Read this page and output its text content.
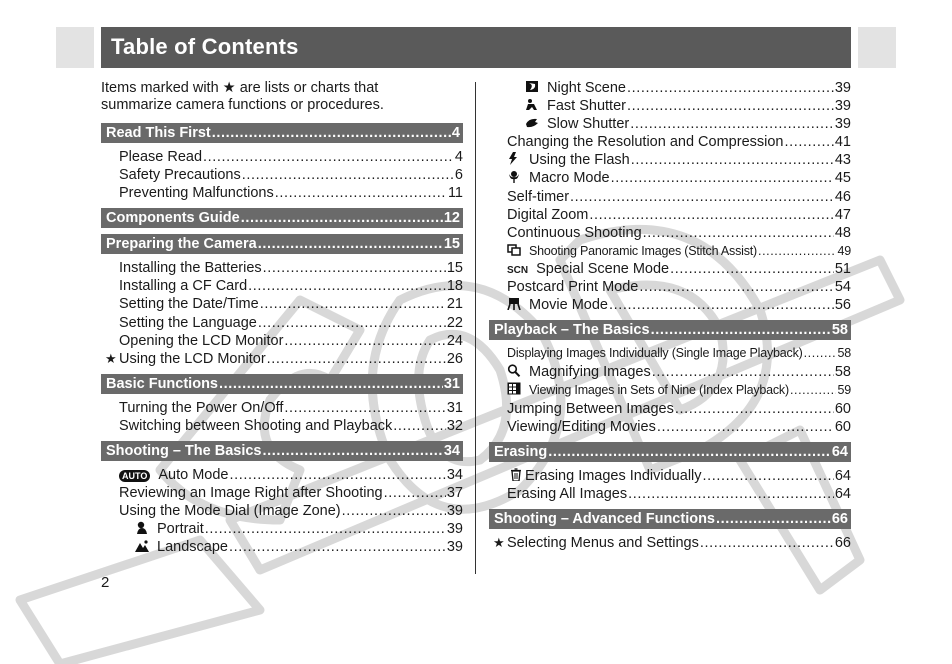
Table of Contents
Items marked with ★ are lists or charts that
summarize camera functions or procedures.
Read This First .....	4
Please Read .....	4
Safety Precautions .....	6
Preventing Malfunctions .....	11
Components Guide .....	12
Preparing the Camera .....	15
Installing the Batteries .....	15
Installing a CF Card .....	18
Setting the Date/Time .....	21
Setting the Language .....	22
Opening the LCD Monitor .....	24
★ Using the LCD Monitor .....	26
Basic Functions .....	31
Turning the Power On/Off .....	31
Switching between Shooting and Playback .....	32
Shooting – The Basics .....	34
AUTO Auto Mode .....	34
Reviewing an Image Right after Shooting .....	37
Using the Mode Dial (Image Zone) .....	39
Portrait .....	39
Landscape .....	39
Night Scene .....	39
Fast Shutter .....	39
Slow Shutter .....	39
Changing the Resolution and Compression .....	41
Using the Flash .....	43
Macro Mode .....	45
Self-timer .....	46
Digital Zoom .....	47
Continuous Shooting .....	48
Shooting Panoramic Images (Stitch Assist) .....	49
SCN Special Scene Mode .....	51
Postcard Print Mode .....	54
Movie Mode .....	56
Playback – The Basics .....	58
Displaying Images Individually (Single Image Playback) .....	58
Magnifying Images .....	58
Viewing Images in Sets of Nine (Index Playback) .....	59
Jumping Between Images .....	60
Viewing/Editing Movies .....	60
Erasing .....	64
Erasing Images Individually .....	64
Erasing All Images .....	64
Shooting – Advanced Functions .....	66
★ Selecting Menus and Settings .....	66
2
